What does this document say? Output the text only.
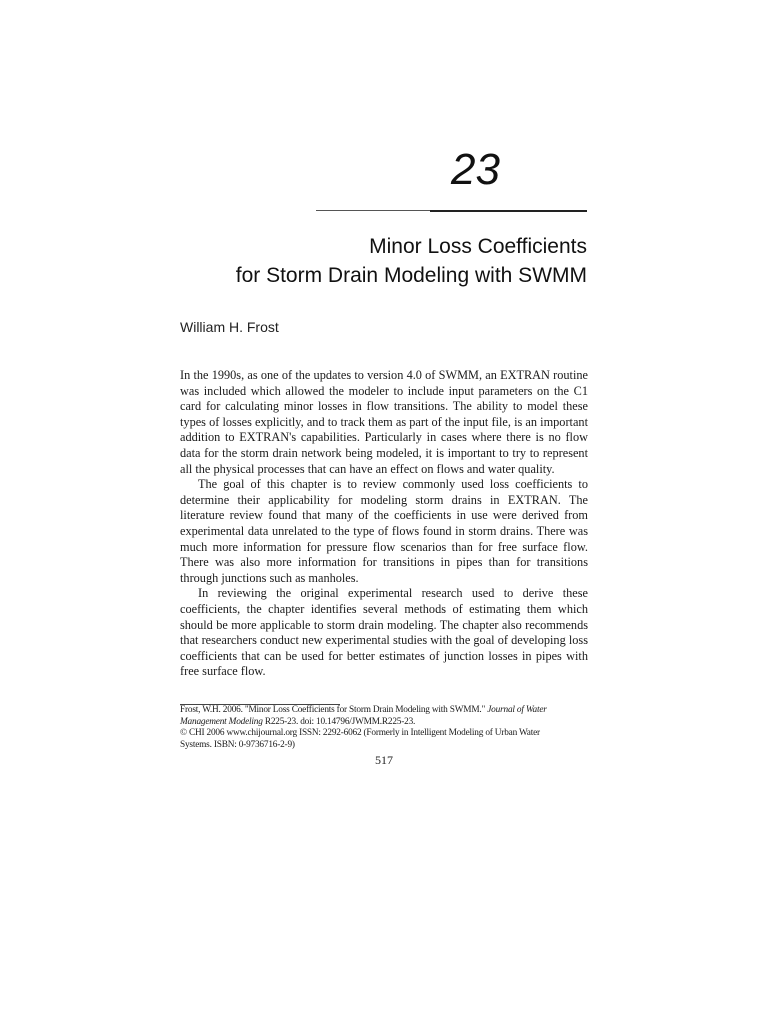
23
Minor Loss Coefficients
for Storm Drain Modeling with SWMM
William H. Frost

In the 1990s, as one of the updates to version 4.0 of SWMM, an EXTRAN routine was included which allowed the modeler to include input parameters on the C1 card for calculating minor losses in flow transitions. The ability to model these types of losses explicitly, and to track them as part of the input file, is an important addition to EXTRAN's capabilities. Particularly in cases where there is no flow data for the storm drain network being modeled, it is important to try to represent all the physical processes that can have an effect on flows and water quality.

The goal of this chapter is to review commonly used loss coefficients to determine their applicability for modeling storm drains in EXTRAN. The literature review found that many of the coefficients in use were derived from experimental data unrelated to the type of flows found in storm drains. There was much more information for pressure flow scenarios than for free surface flow. There was also more information for transitions in pipes than for transitions through junctions such as manholes.

In reviewing the original experimental research used to derive these coefficients, the chapter identifies several methods of estimating them which should be more applicable to storm drain modeling. The chapter also recommends that researchers conduct new experimental studies with the goal of developing loss coefficients that can be used for better estimates of junction losses in pipes with free surface flow.

Frost, W.H. 2006. "Minor Loss Coefficients for Storm Drain Modeling with SWMM." Journal of Water
Management Modeling R225-23. doi: 10.14796/JWMM.R225-23.
© CHI 2006 www.chijournal.org ISSN: 2292-6062 (Formerly in Intelligent Modeling of Urban Water
Systems. ISBN: 0-9736716-2-9)
517
